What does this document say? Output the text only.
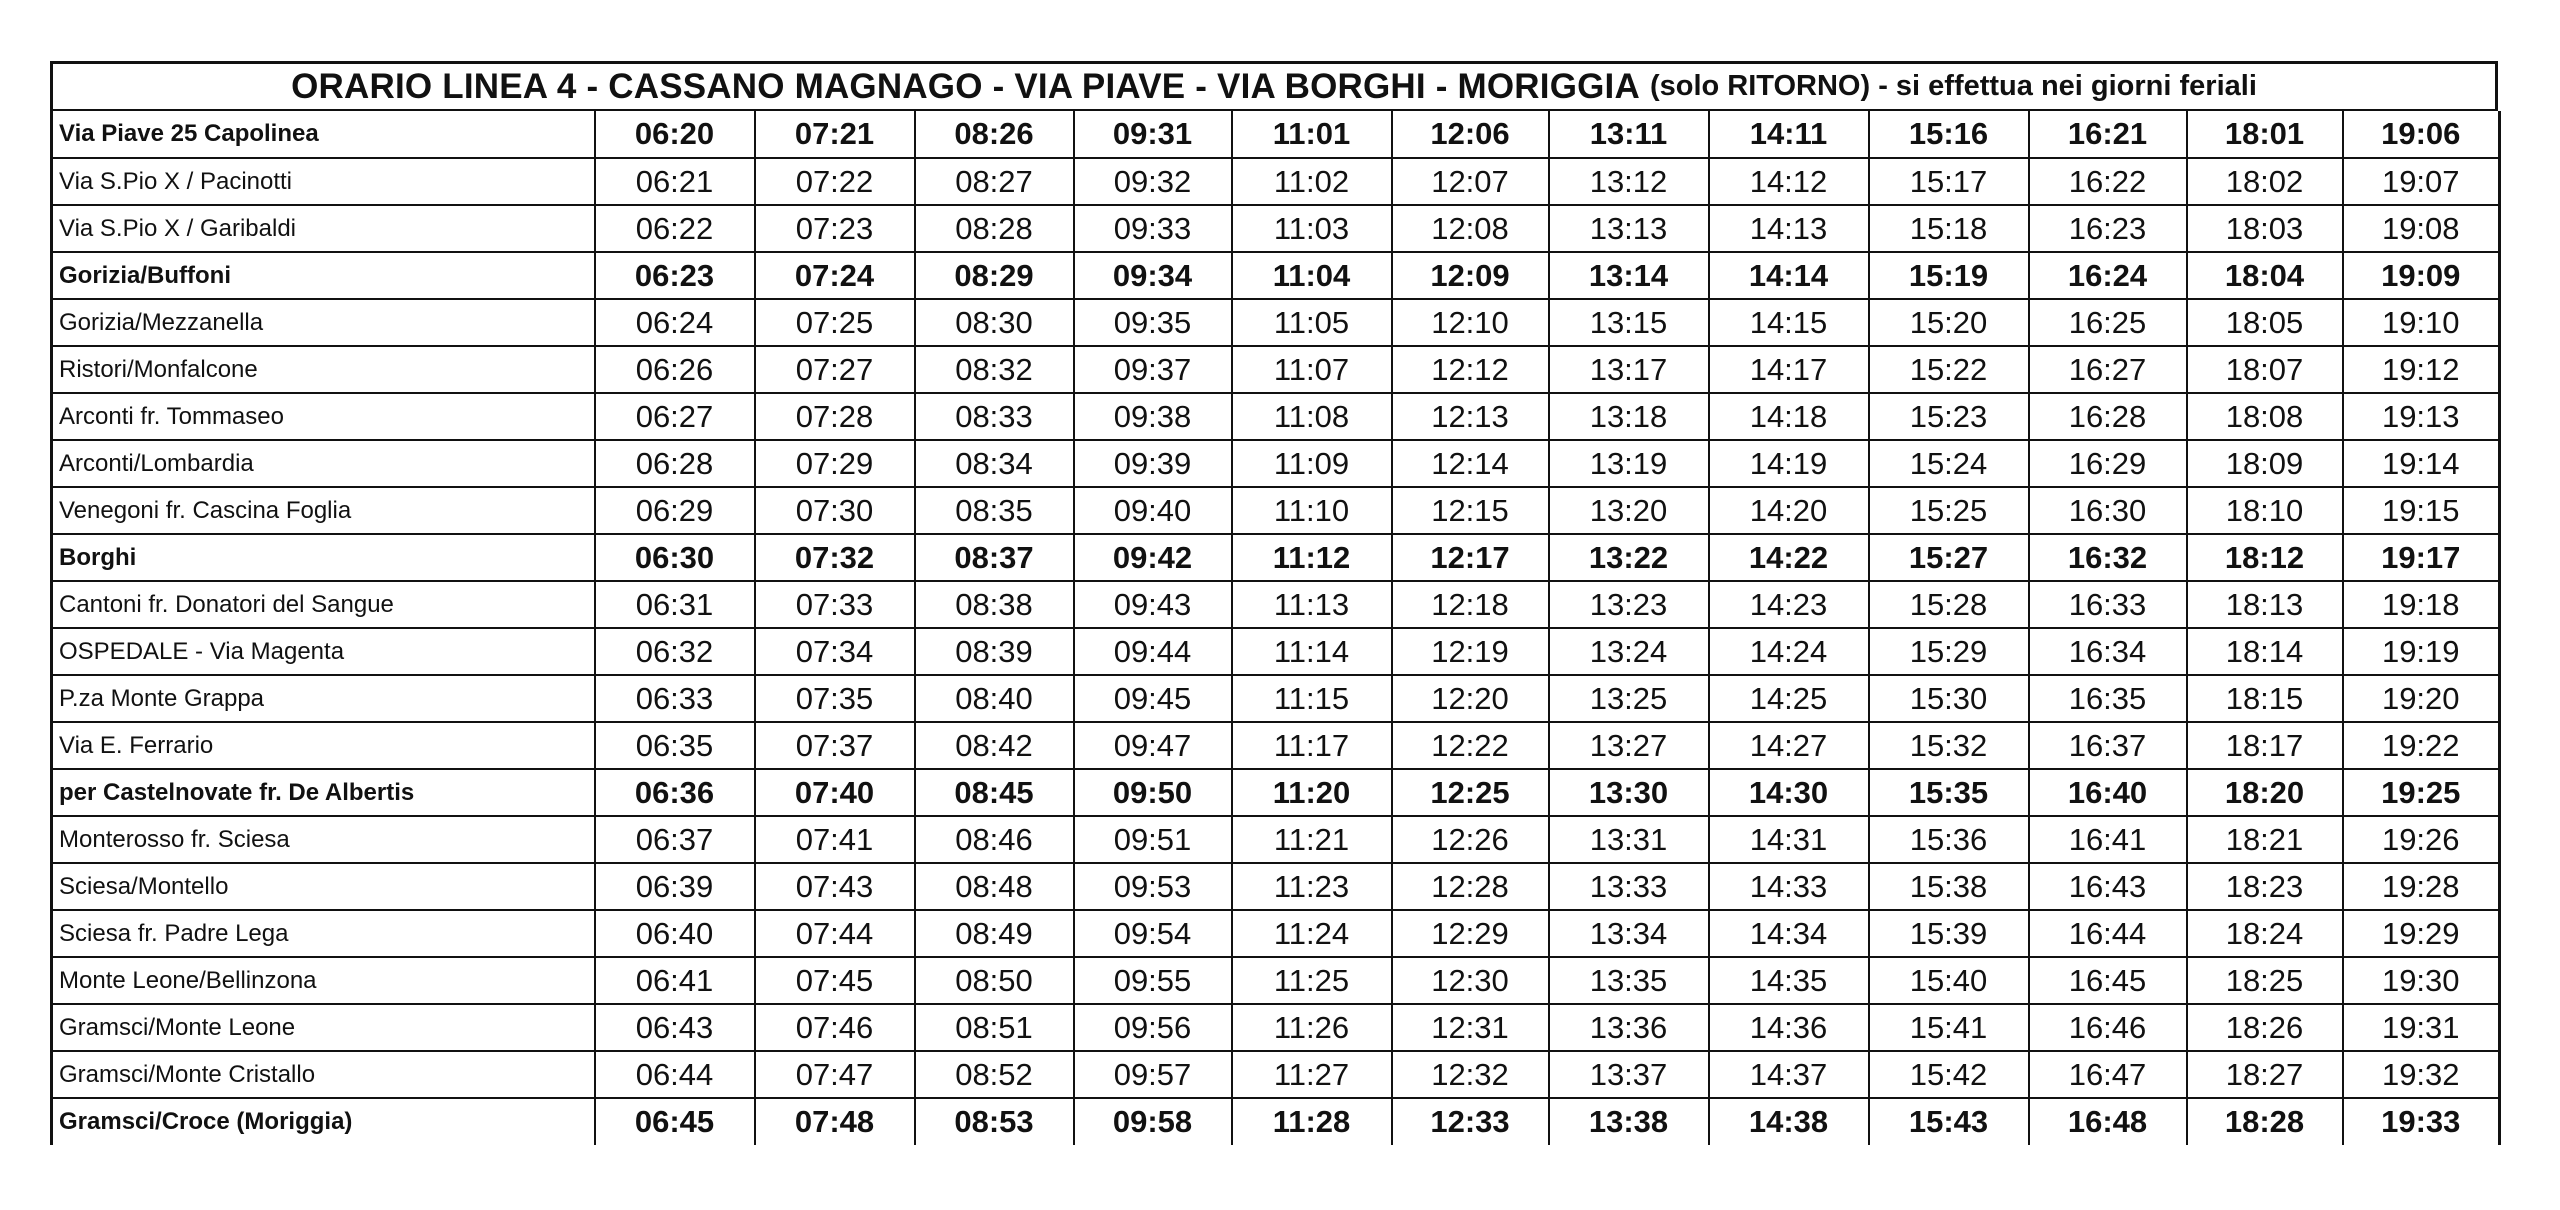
ORARIO LINEA 4 - CASSANO MAGNAGO - VIA PIAVE - VIA BORGHI - MORIGGIA (solo RITORNO) - si effettua nei giorni feriali
Via Piave 25 Capolinea	06:20	07:21	08:26	09:31	11:01	12:06	13:11	14:11	15:16	16:21	18:01	19:06
Via S.Pio X / Pacinotti	06:21	07:22	08:27	09:32	11:02	12:07	13:12	14:12	15:17	16:22	18:02	19:07
Via S.Pio X / Garibaldi	06:22	07:23	08:28	09:33	11:03	12:08	13:13	14:13	15:18	16:23	18:03	19:08
Gorizia/Buffoni	06:23	07:24	08:29	09:34	11:04	12:09	13:14	14:14	15:19	16:24	18:04	19:09
Gorizia/Mezzanella	06:24	07:25	08:30	09:35	11:05	12:10	13:15	14:15	15:20	16:25	18:05	19:10
Ristori/Monfalcone	06:26	07:27	08:32	09:37	11:07	12:12	13:17	14:17	15:22	16:27	18:07	19:12
Arconti fr. Tommaseo	06:27	07:28	08:33	09:38	11:08	12:13	13:18	14:18	15:23	16:28	18:08	19:13
Arconti/Lombardia	06:28	07:29	08:34	09:39	11:09	12:14	13:19	14:19	15:24	16:29	18:09	19:14
Venegoni fr. Cascina Foglia	06:29	07:30	08:35	09:40	11:10	12:15	13:20	14:20	15:25	16:30	18:10	19:15
Borghi	06:30	07:32	08:37	09:42	11:12	12:17	13:22	14:22	15:27	16:32	18:12	19:17
Cantoni fr. Donatori del Sangue	06:31	07:33	08:38	09:43	11:13	12:18	13:23	14:23	15:28	16:33	18:13	19:18
OSPEDALE - Via Magenta	06:32	07:34	08:39	09:44	11:14	12:19	13:24	14:24	15:29	16:34	18:14	19:19
P.za Monte Grappa	06:33	07:35	08:40	09:45	11:15	12:20	13:25	14:25	15:30	16:35	18:15	19:20
Via E. Ferrario	06:35	07:37	08:42	09:47	11:17	12:22	13:27	14:27	15:32	16:37	18:17	19:22
per Castelnovate fr. De Albertis	06:36	07:40	08:45	09:50	11:20	12:25	13:30	14:30	15:35	16:40	18:20	19:25
Monterosso fr. Sciesa	06:37	07:41	08:46	09:51	11:21	12:26	13:31	14:31	15:36	16:41	18:21	19:26
Sciesa/Montello	06:39	07:43	08:48	09:53	11:23	12:28	13:33	14:33	15:38	16:43	18:23	19:28
Sciesa fr. Padre Lega	06:40	07:44	08:49	09:54	11:24	12:29	13:34	14:34	15:39	16:44	18:24	19:29
Monte Leone/Bellinzona	06:41	07:45	08:50	09:55	11:25	12:30	13:35	14:35	15:40	16:45	18:25	19:30
Gramsci/Monte Leone	06:43	07:46	08:51	09:56	11:26	12:31	13:36	14:36	15:41	16:46	18:26	19:31
Gramsci/Monte Cristallo	06:44	07:47	08:52	09:57	11:27	12:32	13:37	14:37	15:42	16:47	18:27	19:32
Gramsci/Croce (Moriggia)	06:45	07:48	08:53	09:58	11:28	12:33	13:38	14:38	15:43	16:48	18:28	19:33
